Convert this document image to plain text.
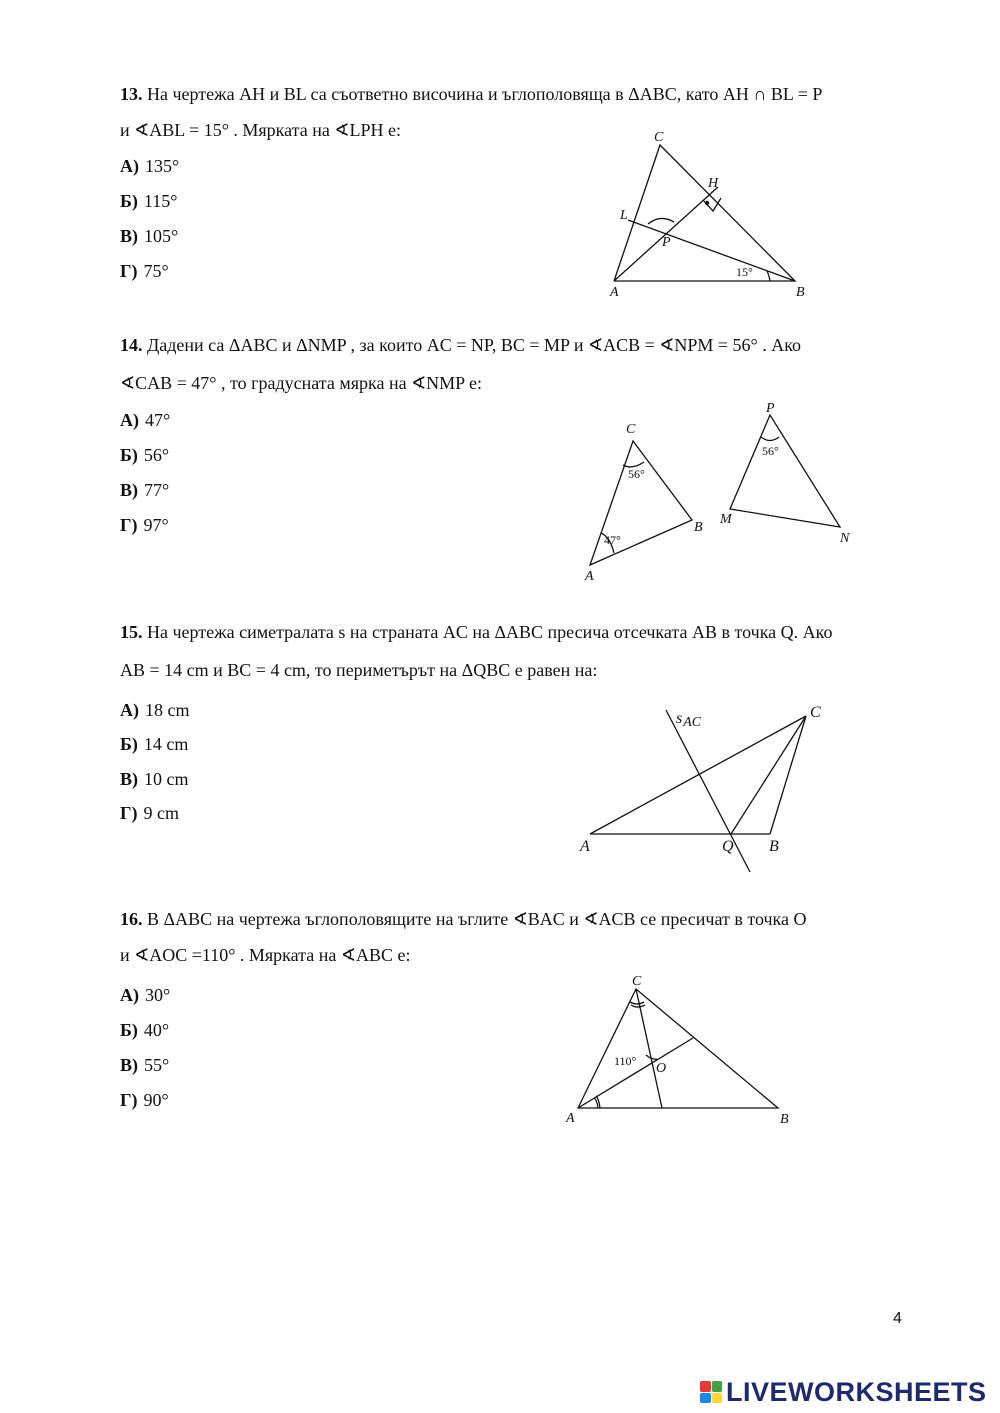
13. На чертежа AH и BL са съответно височина и ъглополовяща в ΔABC, като AH ∩ BL = P
и ∢ABL = 15° . Мярката на ∢LPH е:
А) 135°
Б) 115°
В) 105°
Г) 75°
C
H
L
P
A	B
15°
14. Дадени са ΔABC и ΔNMP , за които AC = NP, BC = MP и ∢ACB = ∢NPM = 56° . Ако
∢CAB = 47° , то градусната мярка на ∢NMP е:
А) 47°
Б) 56°
В) 77°
Г) 97°
C
B
A
56°
47°
P
M
N
56°
15. На чертежа симетралата s на страната AC на ΔABC пресича отсечката AB в точка Q. Ако
AB = 14 cm и BC = 4 cm, то периметърът на ΔQBC е равен на:
А) 18 cm
Б) 14 cm
В) 10 cm
Г) 9 cm
sAC
C
A	Q B
16. В ΔABC на чертежа ъглополовящите на ъглите ∢BAC и ∢ACB се пресичат в точка O
и ∢AOC =110° . Мярката на ∢ABC е:
А) 30°
Б) 40°
В) 55°
Г) 90°
C
O
A	B
110°
4
LIVEWORKSHEETS
